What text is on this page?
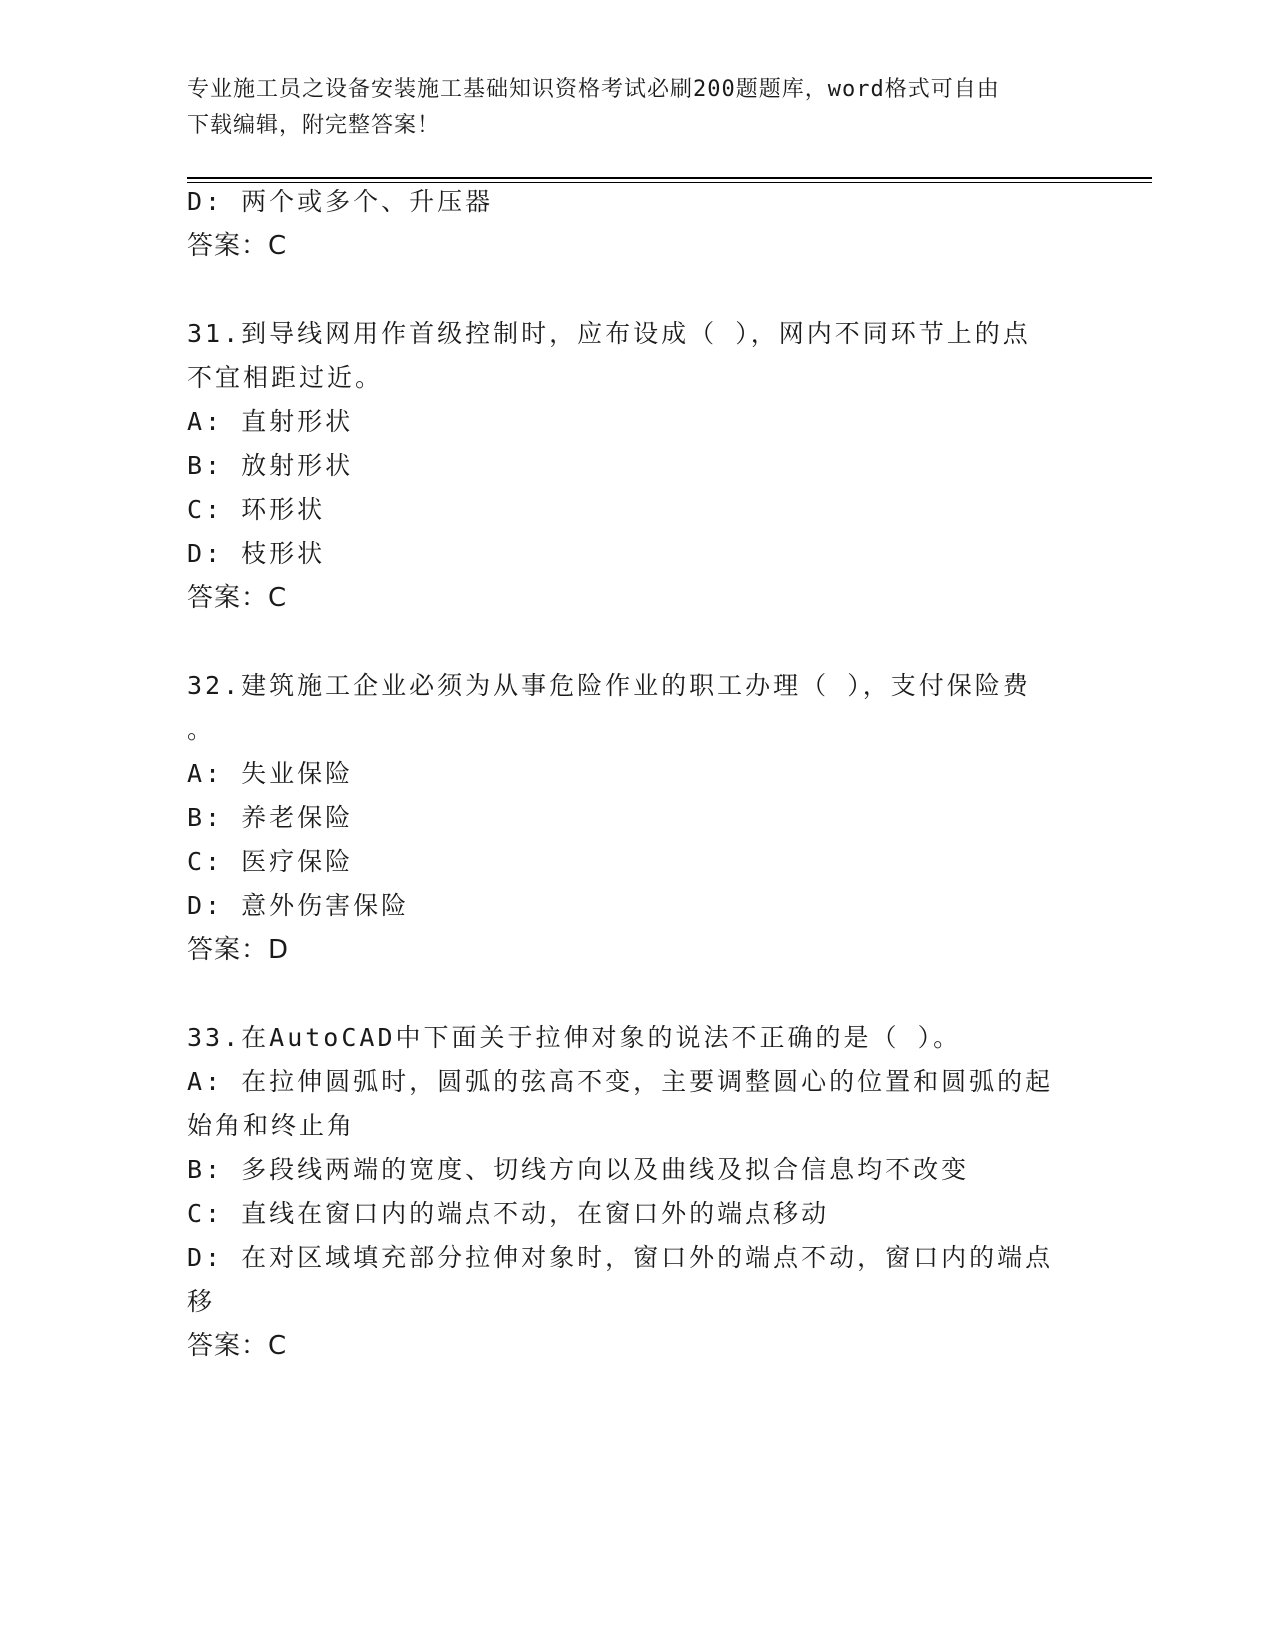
专业施工员之设备安装施工基础知识资格考试必刷200题题库，word格式可自由
下载编辑，附完整答案！
D: 两个或多个、升压器
答案：C
31.到导线网用作首级控制时，应布设成（ ），网内不同环节上的点
不宜相距过近。
A: 直射形状
B: 放射形状
C: 环形状
D: 枝形状
答案：C
32.建筑施工企业必须为从事危险作业的职工办理（ ），支付保险费
。
A: 失业保险
B: 养老保险
C: 医疗保险
D: 意外伤害保险
答案：D
33.在AutoCAD中下面关于拉伸对象的说法不正确的是（ ）。
A: 在拉伸圆弧时，圆弧的弦高不变，主要调整圆心的位置和圆弧的起
始角和终止角
B: 多段线两端的宽度、切线方向以及曲线及拟合信息均不改变
C: 直线在窗口内的端点不动，在窗口外的端点移动
D: 在对区域填充部分拉伸对象时，窗口外的端点不动，窗口内的端点
移
答案：C
